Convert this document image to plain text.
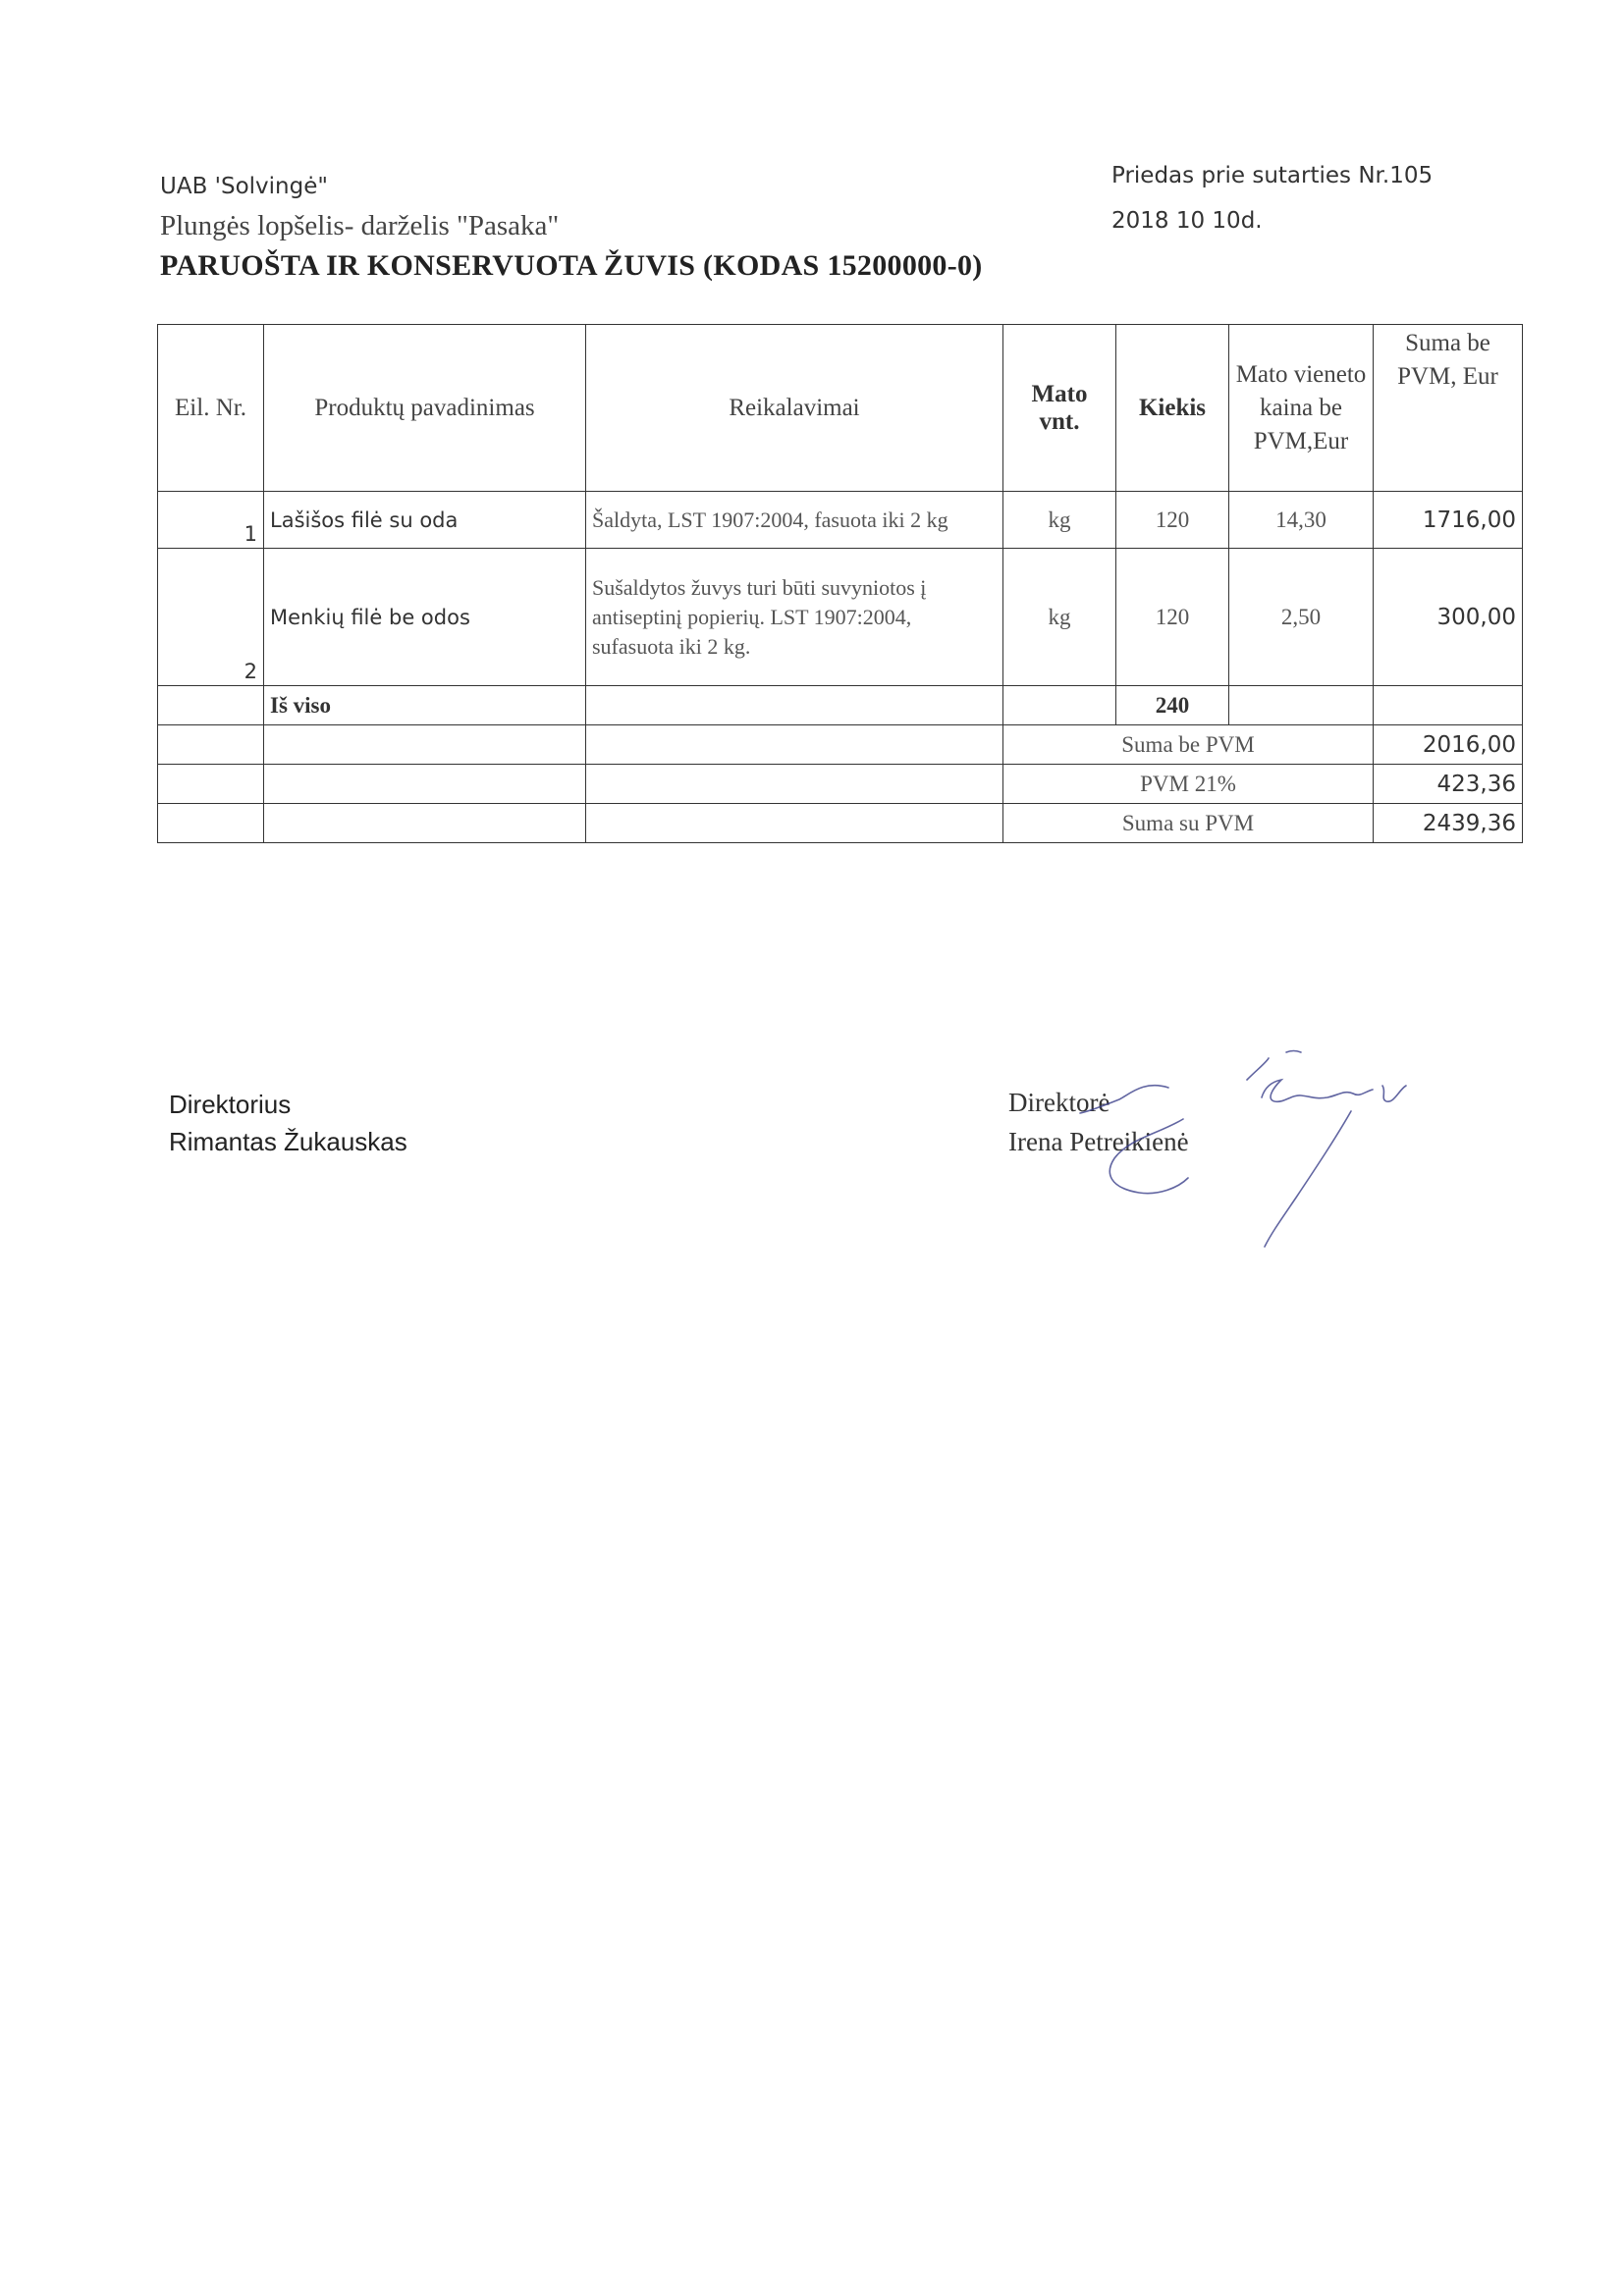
UAB 'Solvingė"
Plungės lopšelis- darželis "Pasaka"
PARUOŠTA IR KONSERVUOTA ŽUVIS (KODAS 15200000-0)
Priedas prie sutarties Nr.105
2018 10 10d.
Eil. Nr.	Produktų pavadinimas	Reikalavimai	Mato vnt.	Kiekis	Mato vieneto kaina be PVM,Eur	Suma be PVM, Eur
1	Lašišos filė su oda	Šaldyta, LST 1907:2004, fasuota iki 2 kg	kg	120	14,30	1716,00
2	Menkių filė be odos	Sušaldytos žuvys turi būti suvyniotos į antiseptinį popierių. LST 1907:2004, sufasuota iki 2 kg.	kg	120	2,50	300,00
	Iš viso			240		
			Suma be PVM			2016,00
			PVM 21%			423,36
			Suma su PVM			2439,36
Direktorius
Rimantas Žukauskas
Direktorė
Irena Petreikienė
